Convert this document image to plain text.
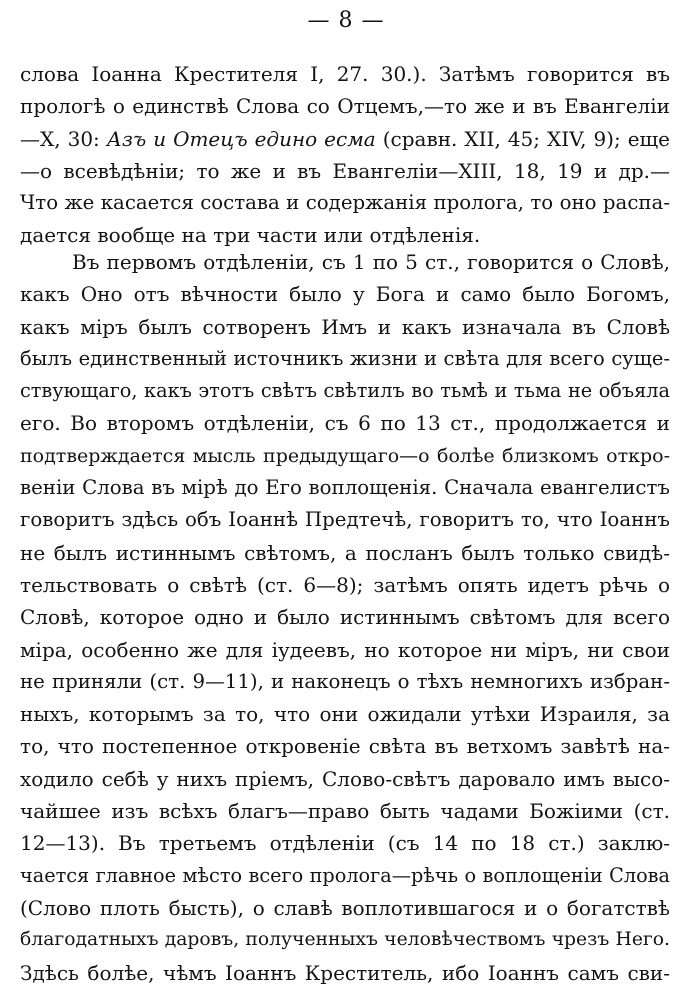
— 8 —
слова Іоанна Крестителя I, 27. 30.). Затѣмъ говорится въ
прологѣ о единствѣ Слова со Отцемъ,—то же и въ Евангеліи
—X, 30: Азъ и Отецъ едино есма (сравн. XII, 45; XIV, 9); еще
—о всевѣдѣніи; то же и въ Евангеліи—XIII, 18, 19 и др.—
Что же касается состава и содержанія пролога, то оно распа-
дается вообще на три части или отдѣленія.
Въ первомъ отдѣленіи, съ 1 по 5 ст., говорится о Словѣ,
какъ Оно отъ вѣчности было у Бога и само было Богомъ,
какъ міръ былъ сотворенъ Имъ и какъ изначала въ Словѣ
былъ единственный источникъ жизни и свѣта для всего суще-
ствующаго, какъ этотъ свѣтъ свѣтилъ во тьмѣ и тьма не объяла
его. Во второмъ отдѣленіи, съ 6 по 13 ст., продолжается и
подтверждается мысль предыдущаго—о болѣе близкомъ откро-
веніи Слова въ мірѣ до Его воплощенія. Сначала евангелистъ
говоритъ здѣсь объ Іоаннѣ Предтечѣ, говоритъ то, что Іоаннъ
не былъ истиннымъ свѣтомъ, а посланъ былъ только свидѣ-
тельствовать о свѣтѣ (ст. 6—8); затѣмъ опять идетъ рѣчь о
Словѣ, которое одно и было истиннымъ свѣтомъ для всего
міра, особенно же для іудеевъ, но которое ни міръ, ни свои
не приняли (ст. 9—11), и наконецъ о тѣхъ немногихъ избран-
ныхъ, которымъ за то, что они ожидали утѣхи Израиля, за
то, что постепенное откровеніе свѣта въ ветхомъ завѣтѣ на-
ходило себѣ у нихъ пріемъ, Слово-свѣтъ даровало имъ высо-
чайшее изъ всѣхъ благъ—право быть чадами Божіими (ст.
12—13). Въ третьемъ отдѣленіи (съ 14 по 18 ст.) заклю-
чается главное мѣсто всего пролога—рѣчь о воплощеніи Слова
(Слово плоть бысть), о славѣ воплотившагося и о богатствѣ
благодатныхъ даровъ, полученныхъ человѣчествомъ чрезъ Него.
Здѣсь болѣе, чѣмъ Іоаннъ Креститель, ибо Іоаннъ самъ сви-
